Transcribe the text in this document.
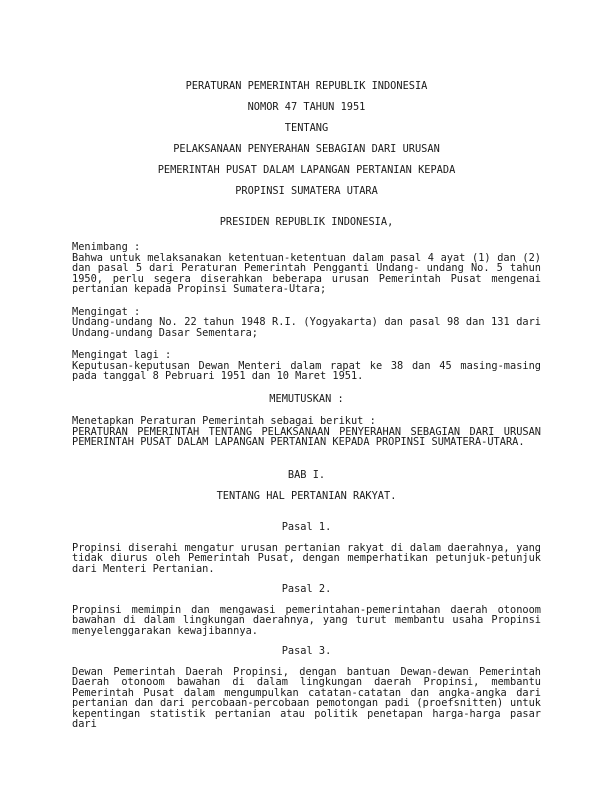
PERATURAN PEMERINTAH REPUBLIK INDONESIA

NOMOR 47 TAHUN 1951

TENTANG

PELAKSANAAN PENYERAHAN SEBAGIAN DARI URUSAN

PEMERINTAH PUSAT DALAM LAPANGAN PERTANIAN KEPADA

PROPINSI SUMATERA UTARA

PRESIDEN REPUBLIK INDONESIA,
Menimbang :
Bahwa untuk melaksanakan ketentuan-ketentuan dalam pasal 4 ayat (1) dan (2) dan pasal 5 dari Peraturan Pemerintah Pengganti Undang- undang No. 5 tahun 1950, perlu segera diserahkan beberapa urusan Pemerintah Pusat mengenai pertanian kepada Propinsi Sumatera-Utara;
Mengingat :
Undang-undang No. 22 tahun 1948 R.I. (Yogyakarta) dan pasal 98 dan 131 dari Undang-undang Dasar Sementara;
Mengingat lagi :
Keputusan-keputusan Dewan Menteri dalam rapat ke 38 dan 45 masing-masing pada tanggal 8 Pebruari 1951 dan 10 Maret 1951.
MEMUTUSKAN :
Menetapkan Peraturan Pemerintah sebagai berikut :
PERATURAN PEMERINTAH TENTANG PELAKSANAAN PENYERAHAN SEBAGIAN DARI URUSAN PEMERINTAH PUSAT DALAM LAPANGAN PERTANIAN KEPADA PROPINSI SUMATERA-UTARA.

BAB I.

TENTANG HAL PERTANIAN RAKYAT.

Pasal 1.
Propinsi diserahi mengatur urusan pertanian rakyat di dalam daerahnya, yang tidak diurus oleh Pemerintah Pusat, dengan memperhatikan petunjuk-petunjuk dari Menteri Pertanian.
Pasal 2.
Propinsi memimpin dan mengawasi pemerintahan-pemerintahan daerah otonoom bawahan di dalam lingkungan daerahnya, yang turut membantu usaha Propinsi menyelenggarakan kewajibannya.
Pasal 3.
Dewan Pemerintah Daerah Propinsi, dengan bantuan Dewan-dewan Pemerintah Daerah otonoom bawahan di dalam lingkungan daerah Propinsi, membantu Pemerintah Pusat dalam mengumpulkan catatan-catatan dan angka-angka dari pertanian dan dari percobaan-percobaan pemotongan padi (proefsnitten) untuk kepentingan statistik pertanian atau politik penetapan harga-harga pasar dari
